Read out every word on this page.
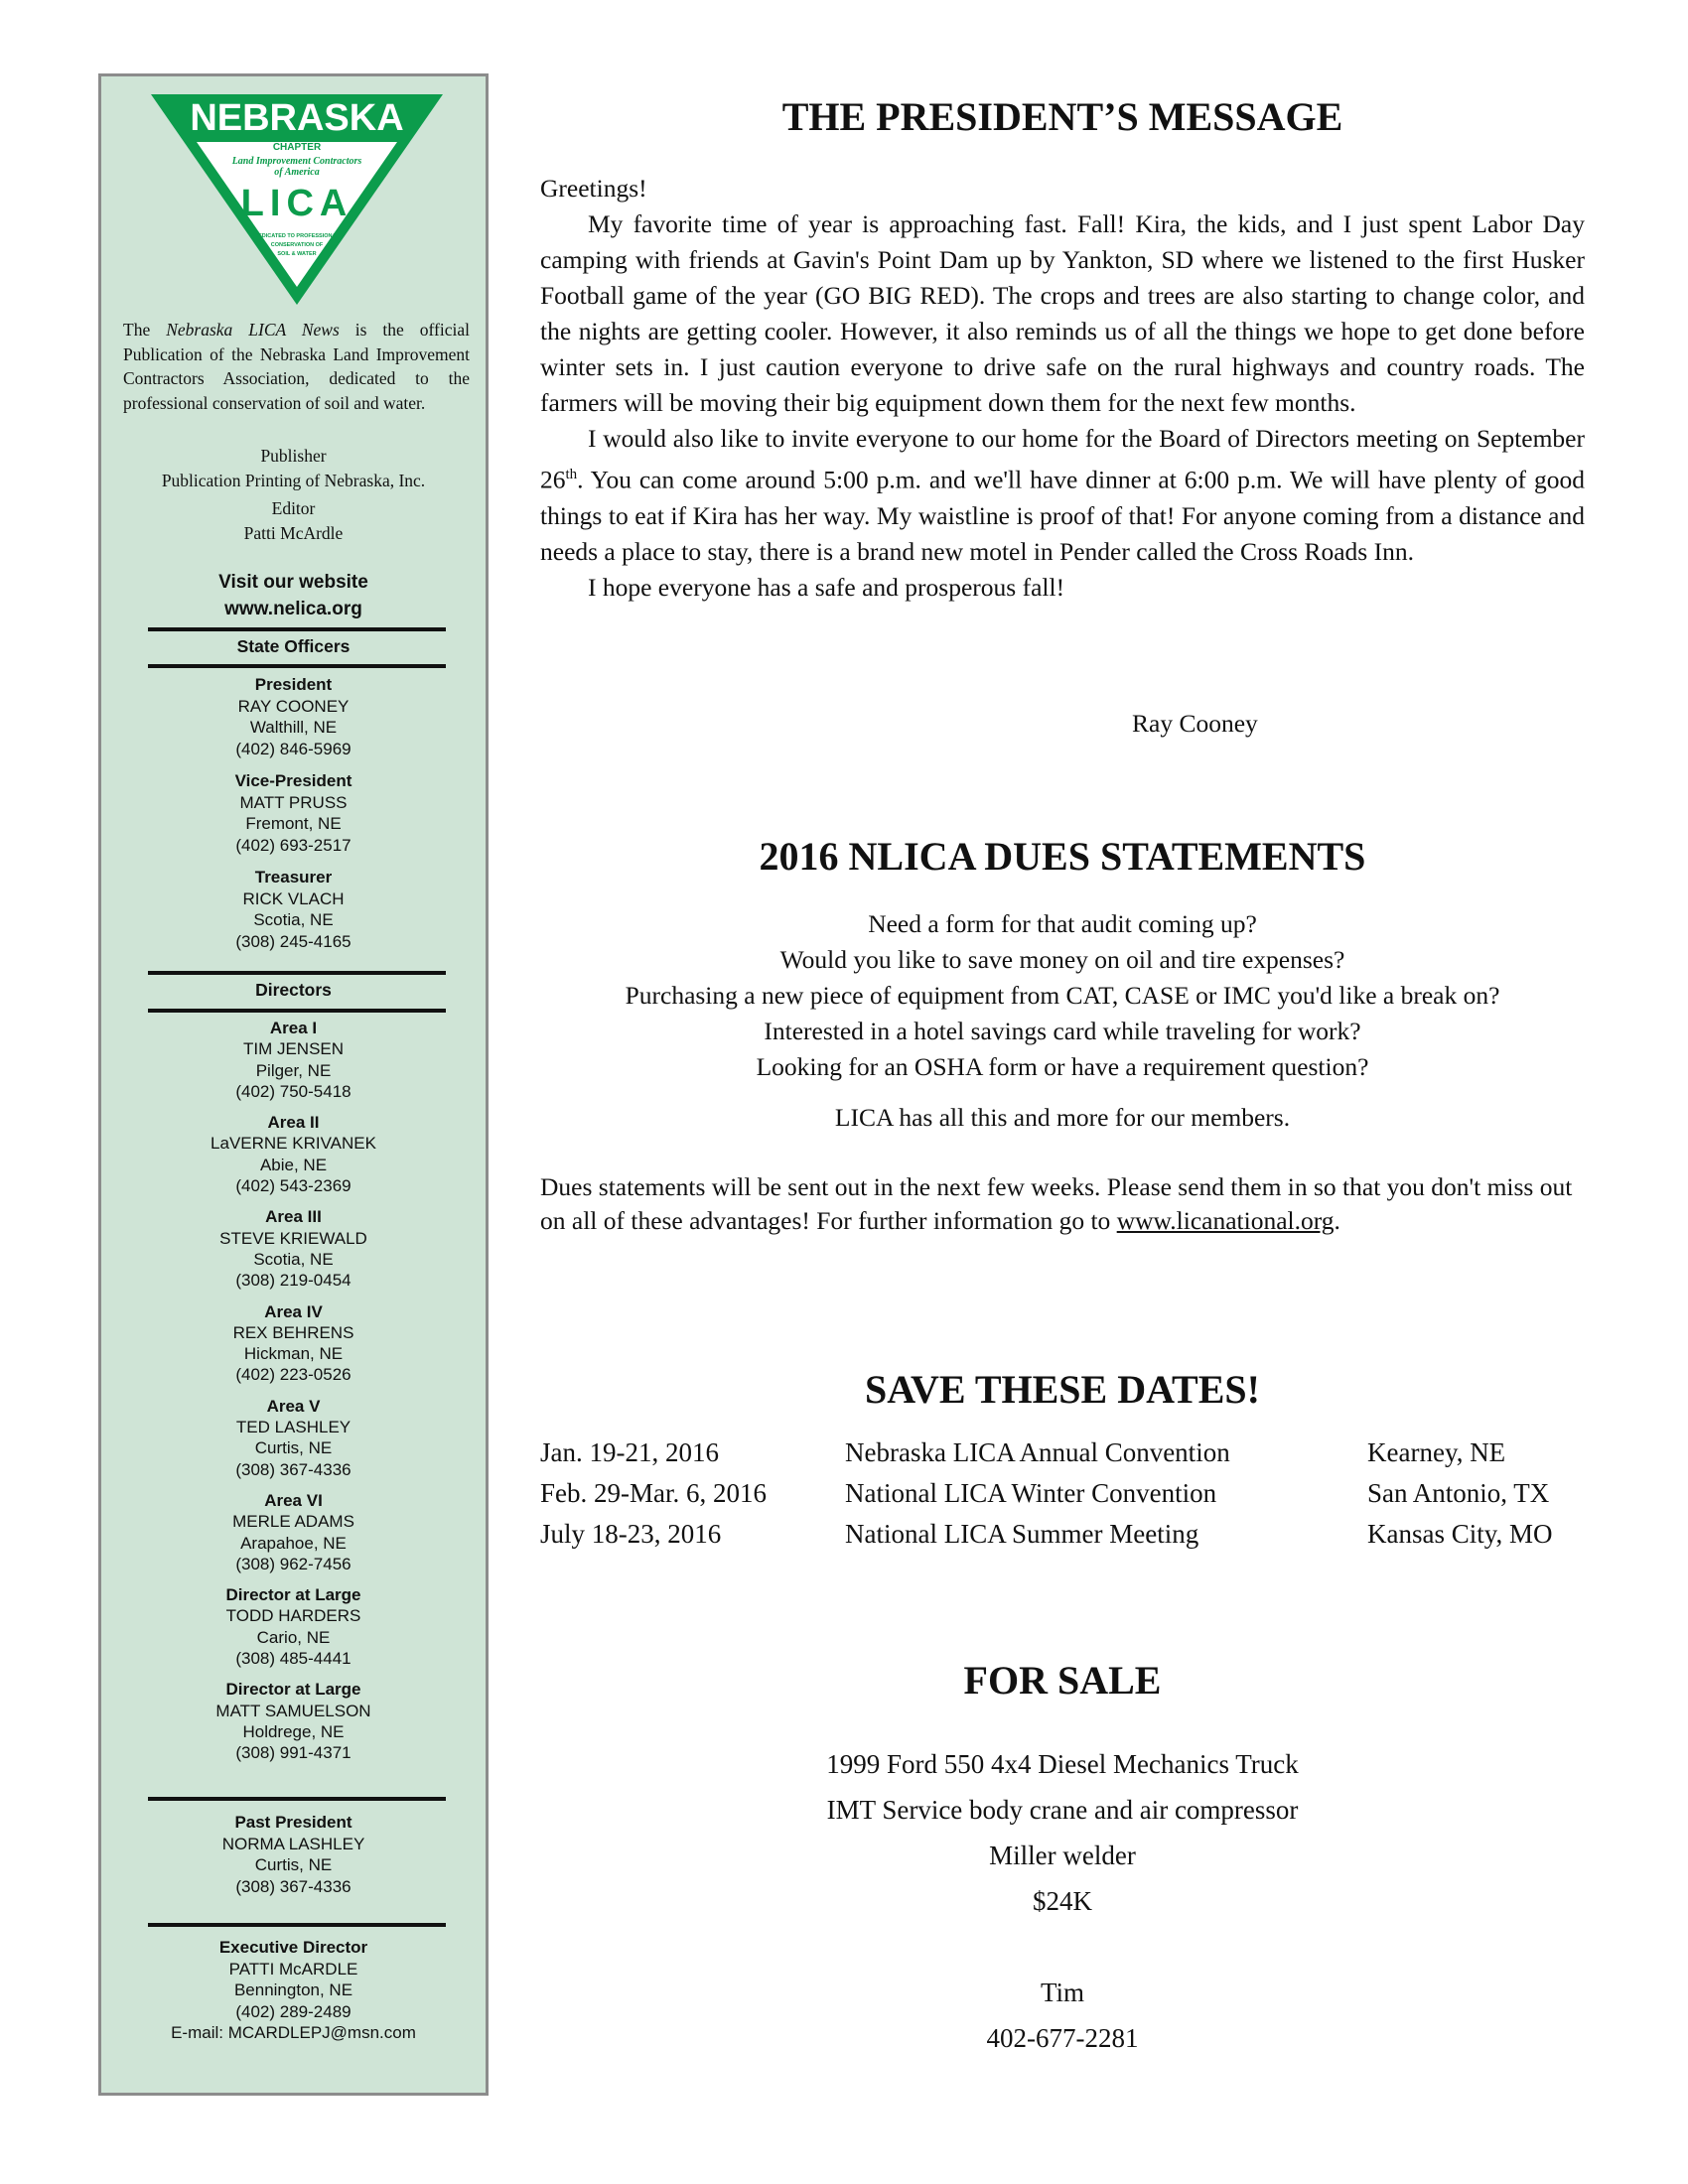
NEBRASKA
CHAPTER
Land Improvement Contractors
of America
LICA
DEDICATED TO PROFESSIONAL
CONSERVATION OF
SOIL & WATER
The Nebraska LICA News is the official Publication of the Nebraska Land Improvement Contractors Association, dedicated to the professional conservation of soil and water.
Publisher
Publication Printing of Nebraska, Inc.
Editor
Patti McArdle
Visit our website
www.nelica.org
State Officers
President
RAY COONEY
Walthill, NE
(402) 846-5969
Vice-President
MATT PRUSS
Fremont, NE
(402) 693-2517
Treasurer
RICK VLACH
Scotia, NE
(308) 245-4165
Directors
Area I
TIM JENSEN
Pilger, NE
(402) 750-5418
Area II
LaVERNE KRIVANEK
Abie, NE
(402) 543-2369
Area III
STEVE KRIEWALD
Scotia, NE
(308) 219-0454
Area IV
REX BEHRENS
Hickman, NE
(402) 223-0526
Area V
TED LASHLEY
Curtis, NE
(308) 367-4336
Area VI
MERLE ADAMS
Arapahoe, NE
(308) 962-7456
Director at Large
TODD HARDERS
Cario, NE
(308) 485-4441
Director at Large
MATT SAMUELSON
Holdrege, NE
(308) 991-4371
Past President
NORMA LASHLEY
Curtis, NE
(308) 367-4336
Executive Director
PATTI McARDLE
Bennington, NE
(402) 289-2489
E-mail: MCARDLEPJ@msn.com
THE PRESIDENT’S MESSAGE

Greetings!

My favorite time of year is approaching fast. Fall! Kira, the kids, and I just spent Labor Day camping with friends at Gavin's Point Dam up by Yankton, SD where we listened to the first Husker Football game of the year (GO BIG RED). The crops and trees are also starting to change color, and the nights are getting cooler. However, it also reminds us of all the things we hope to get done before winter sets in. I just caution everyone to drive safe on the rural highways and country roads. The farmers will be moving their big equipment down them for the next few months.

I would also like to invite everyone to our home for the Board of Directors meeting on September 26th. You can come around 5:00 p.m. and we'll have dinner at 6:00 p.m. We will have plenty of good things to eat if Kira has her way. My waistline is proof of that! For anyone coming from a distance and needs a place to stay, there is a brand new motel in Pender called the Cross Roads Inn.

I hope everyone has a safe and prosperous fall!

Ray Cooney
2016 NLICA DUES STATEMENTS
Need a form for that audit coming up?
Would you like to save money on oil and tire expenses?
Purchasing a new piece of equipment from CAT, CASE or IMC you'd like a break on?
Interested in a hotel savings card while traveling for work?
Looking for an OSHA form or have a requirement question?
LICA has all this and more for our members.
Dues statements will be sent out in the next few weeks. Please send them in so that you don't miss out on all of these advantages! For further information go to www.licanational.org.
SAVE THESE DATES!
Jan. 19-21, 2016	Nebraska LICA Annual Convention	Kearney, NE
Feb. 29-Mar. 6, 2016	National LICA Winter Convention	San Antonio, TX
July 18-23, 2016	National LICA Summer Meeting	Kansas City, MO
FOR SALE
1999 Ford 550 4x4 Diesel Mechanics Truck
IMT Service body crane and air compressor
Miller welder
$24K
Tim
402-677-2281
